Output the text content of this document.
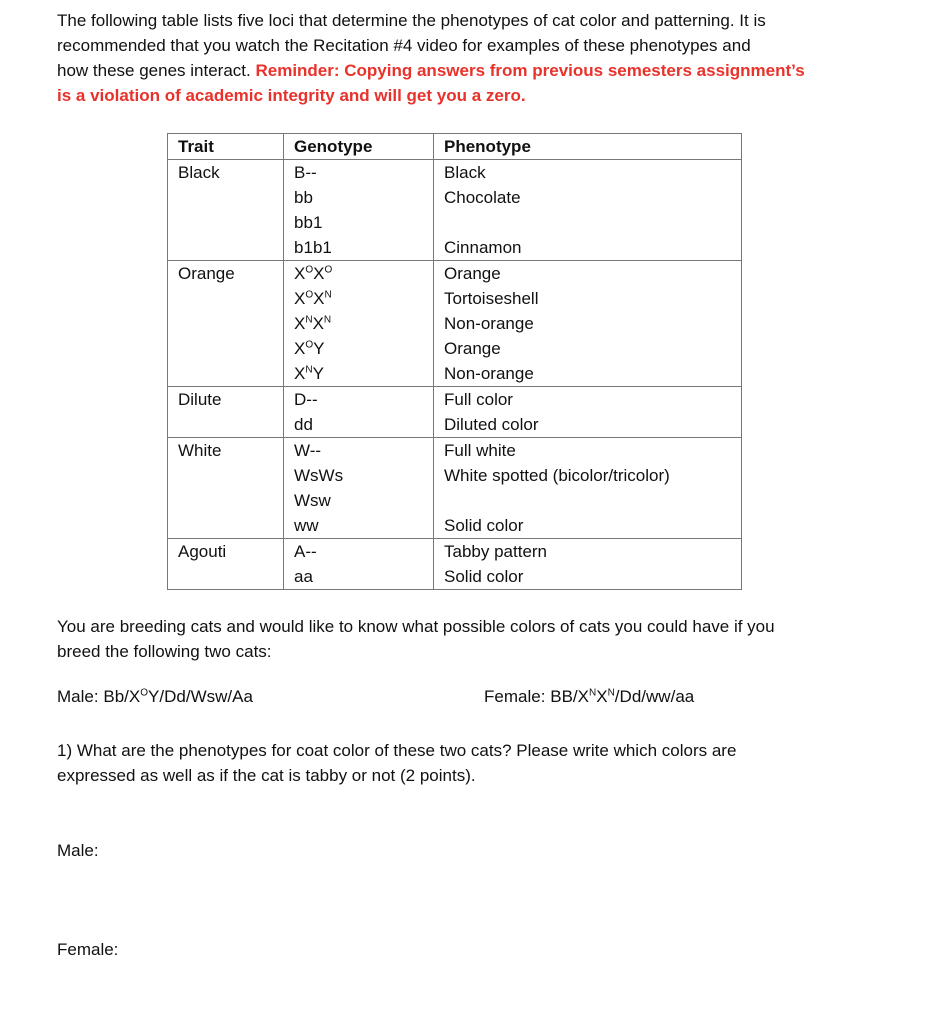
The following table lists five loci that determine the phenotypes of cat color and patterning. It is
recommended that you watch the Recitation #4 video for examples of these phenotypes and
how these genes interact. Reminder: Copying answers from previous semesters assignment’s
is a violation of academic integrity and will get you a zero.

Trait	Genotype	Phenotype
Black	B--	Black
	bb	Chocolate
	bb1	
	b1b1	Cinnamon
Orange	$X^OX^O$	Orange
	$X^OX^N$	Tortoiseshell
	$X^NX^N$	Non-orange
	$X^OY$	Orange
	$X^NY$	Non-orange
Dilute	D--	Full color
	dd	Diluted color
White	W--	Full white
	WsWs	White spotted (bicolor/tricolor)
	Wsw	
	ww	Solid color
Agouti	A--	Tabby pattern
	aa	Solid color

You are breeding cats and would like to know what possible colors of cats you could have if you
breed the following two cats:

Male: $Bb/X^OY/Dd/Wsw/Aa$	Female: $BB/X^NX^N/Dd/ww/aa$

1) What are the phenotypes for coat color of these two cats? Please write which colors are
expressed as well as if the cat is tabby or not (2 points).

Male:

Female:
